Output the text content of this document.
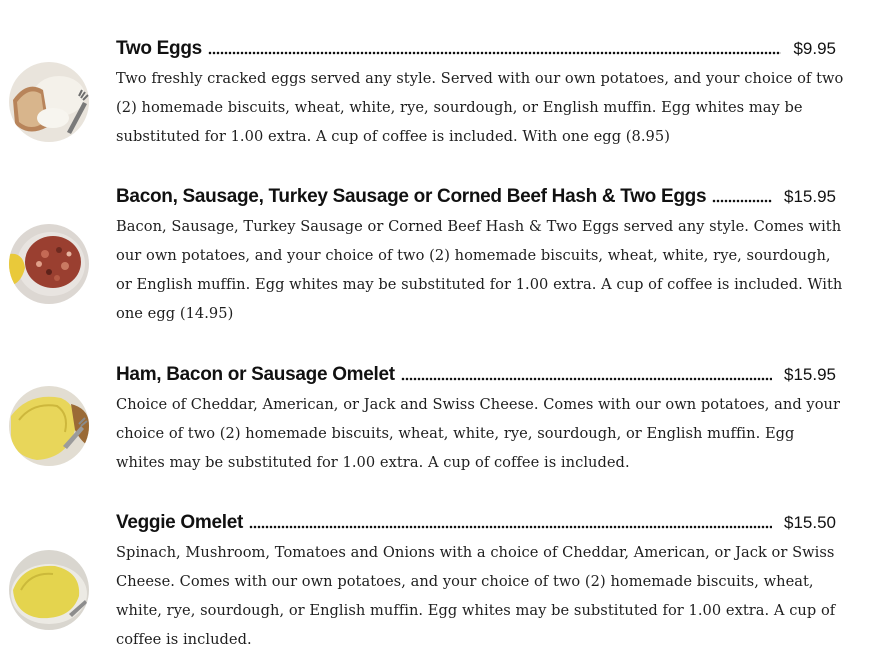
Two Eggs	$9.95

Two freshly cracked eggs served any style. Served with our own potatoes, and your choice of two (2) homemade biscuits, wheat, white, rye, sourdough, or English muffin. Egg whites may be substituted for 1.00 extra. A cup of coffee is included. With one egg (8.95)

Bacon, Sausage, Turkey Sausage or Corned Beef Hash & Two Eggs	$15.95

Bacon, Sausage, Turkey Sausage or Corned Beef Hash & Two Eggs served any style. Comes with our own potatoes, and your choice of two (2) homemade biscuits, wheat, white, rye, sourdough, or English muffin. Egg whites may be substituted for 1.00 extra. A cup of coffee is included. With one egg (14.95)

Ham, Bacon or Sausage Omelet	$15.95

Choice of Cheddar, American, or Jack and Swiss Cheese. Comes with our own potatoes, and your choice of two (2) homemade biscuits, wheat, white, rye, sourdough, or English muffin. Egg whites may be substituted for 1.00 extra. A cup of coffee is included.

Veggie Omelet	$15.50

Spinach, Mushroom, Tomatoes and Onions with a choice of Cheddar, American, or Jack or Swiss Cheese. Comes with our own potatoes, and your choice of two (2) homemade biscuits, wheat, white, rye, sourdough, or English muffin. Egg whites may be substituted for 1.00 extra. A cup of coffee is included.
